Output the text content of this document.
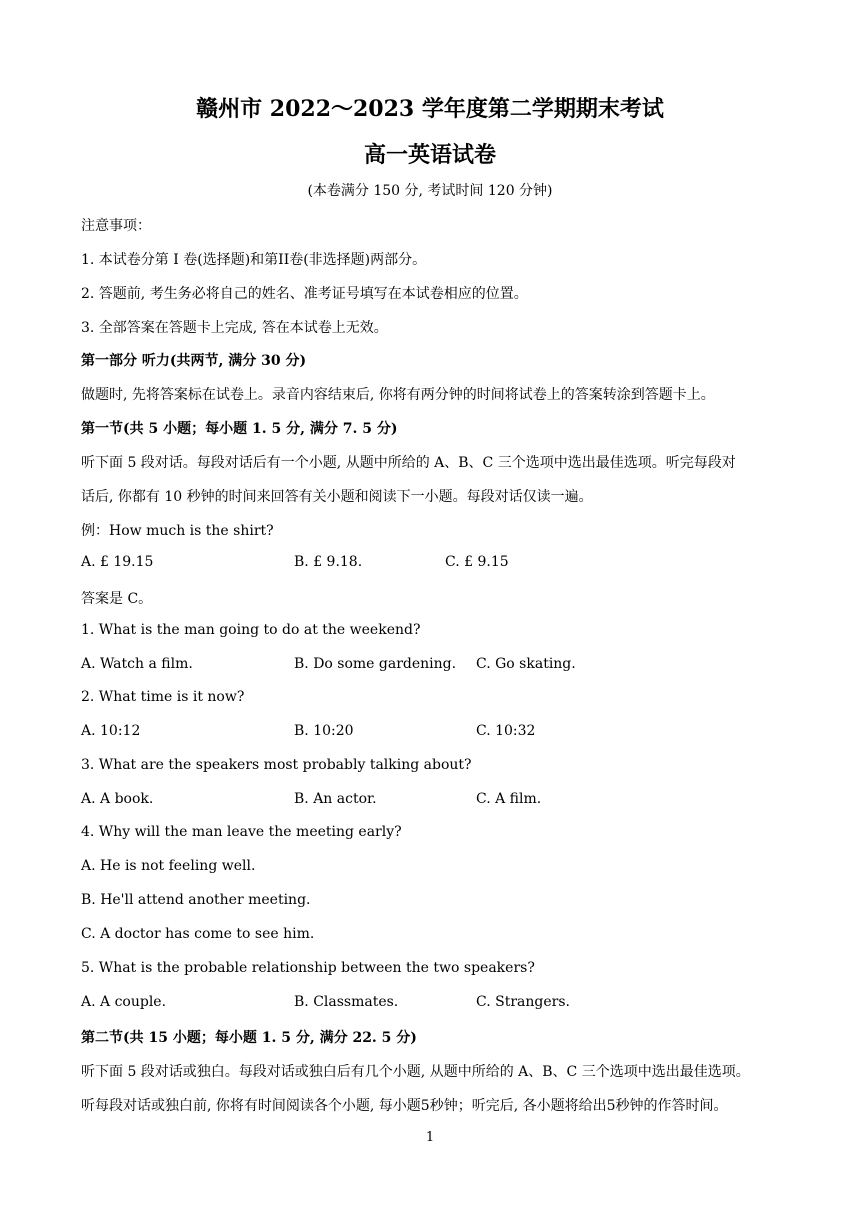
赣州市 2022～2023 学年度第二学期期末考试
高一英语试卷
(本卷满分 150 分, 考试时间 120 分钟)
注意事项：
1. 本试卷分第 I 卷(选择题)和第II卷(非选择题)两部分。
2. 答题前, 考生务必将自己的姓名、准考证号填写在本试卷相应的位置。
3. 全部答案在答题卡上完成, 答在本试卷上无效。
第一部分 听力(共两节, 满分 30 分)
做题时, 先将答案标在试卷上。录音内容结束后, 你将有两分钟的时间将试卷上的答案转涂到答题卡上。
第一节(共 5 小题；每小题 1. 5 分, 满分 7. 5 分)
听下面 5 段对话。每段对话后有一个小题, 从题中所给的 A、B、C 三个选项中选出最佳选项。听完每段对
话后, 你都有 10 秒钟的时间来回答有关小题和阅读下一小题。每段对话仅读一遍。
例：How much is the shirt?
A. £ 19.15	B. £ 9.18.	C. £ 9.15
答案是 C。
1. What is the man going to do at the weekend?
A. Watch a film.	B. Do some gardening. C. Go skating.
2. What time is it now?
A. 10:12	B. 10:20	C. 10:32
3. What are the speakers most probably talking about?
A. A book.	B. An actor.	C. A film.
4. Why will the man leave the meeting early?
A. He is not feeling well.
B. He'll attend another meeting.
C. A doctor has come to see him.
5. What is the probable relationship between the two speakers?
A. A couple.	B. Classmates.	C. Strangers.
第二节(共 15 小题；每小题 1. 5 分, 满分 22. 5 分)
听下面 5 段对话或独白。每段对话或独白后有几个小题, 从题中所给的 A、B、C 三个选项中选出最佳选项。
听每段对话或独白前, 你将有时间阅读各个小题, 每小题5秒钟；听完后, 各小题将给出5秒钟的作答时间。
1
